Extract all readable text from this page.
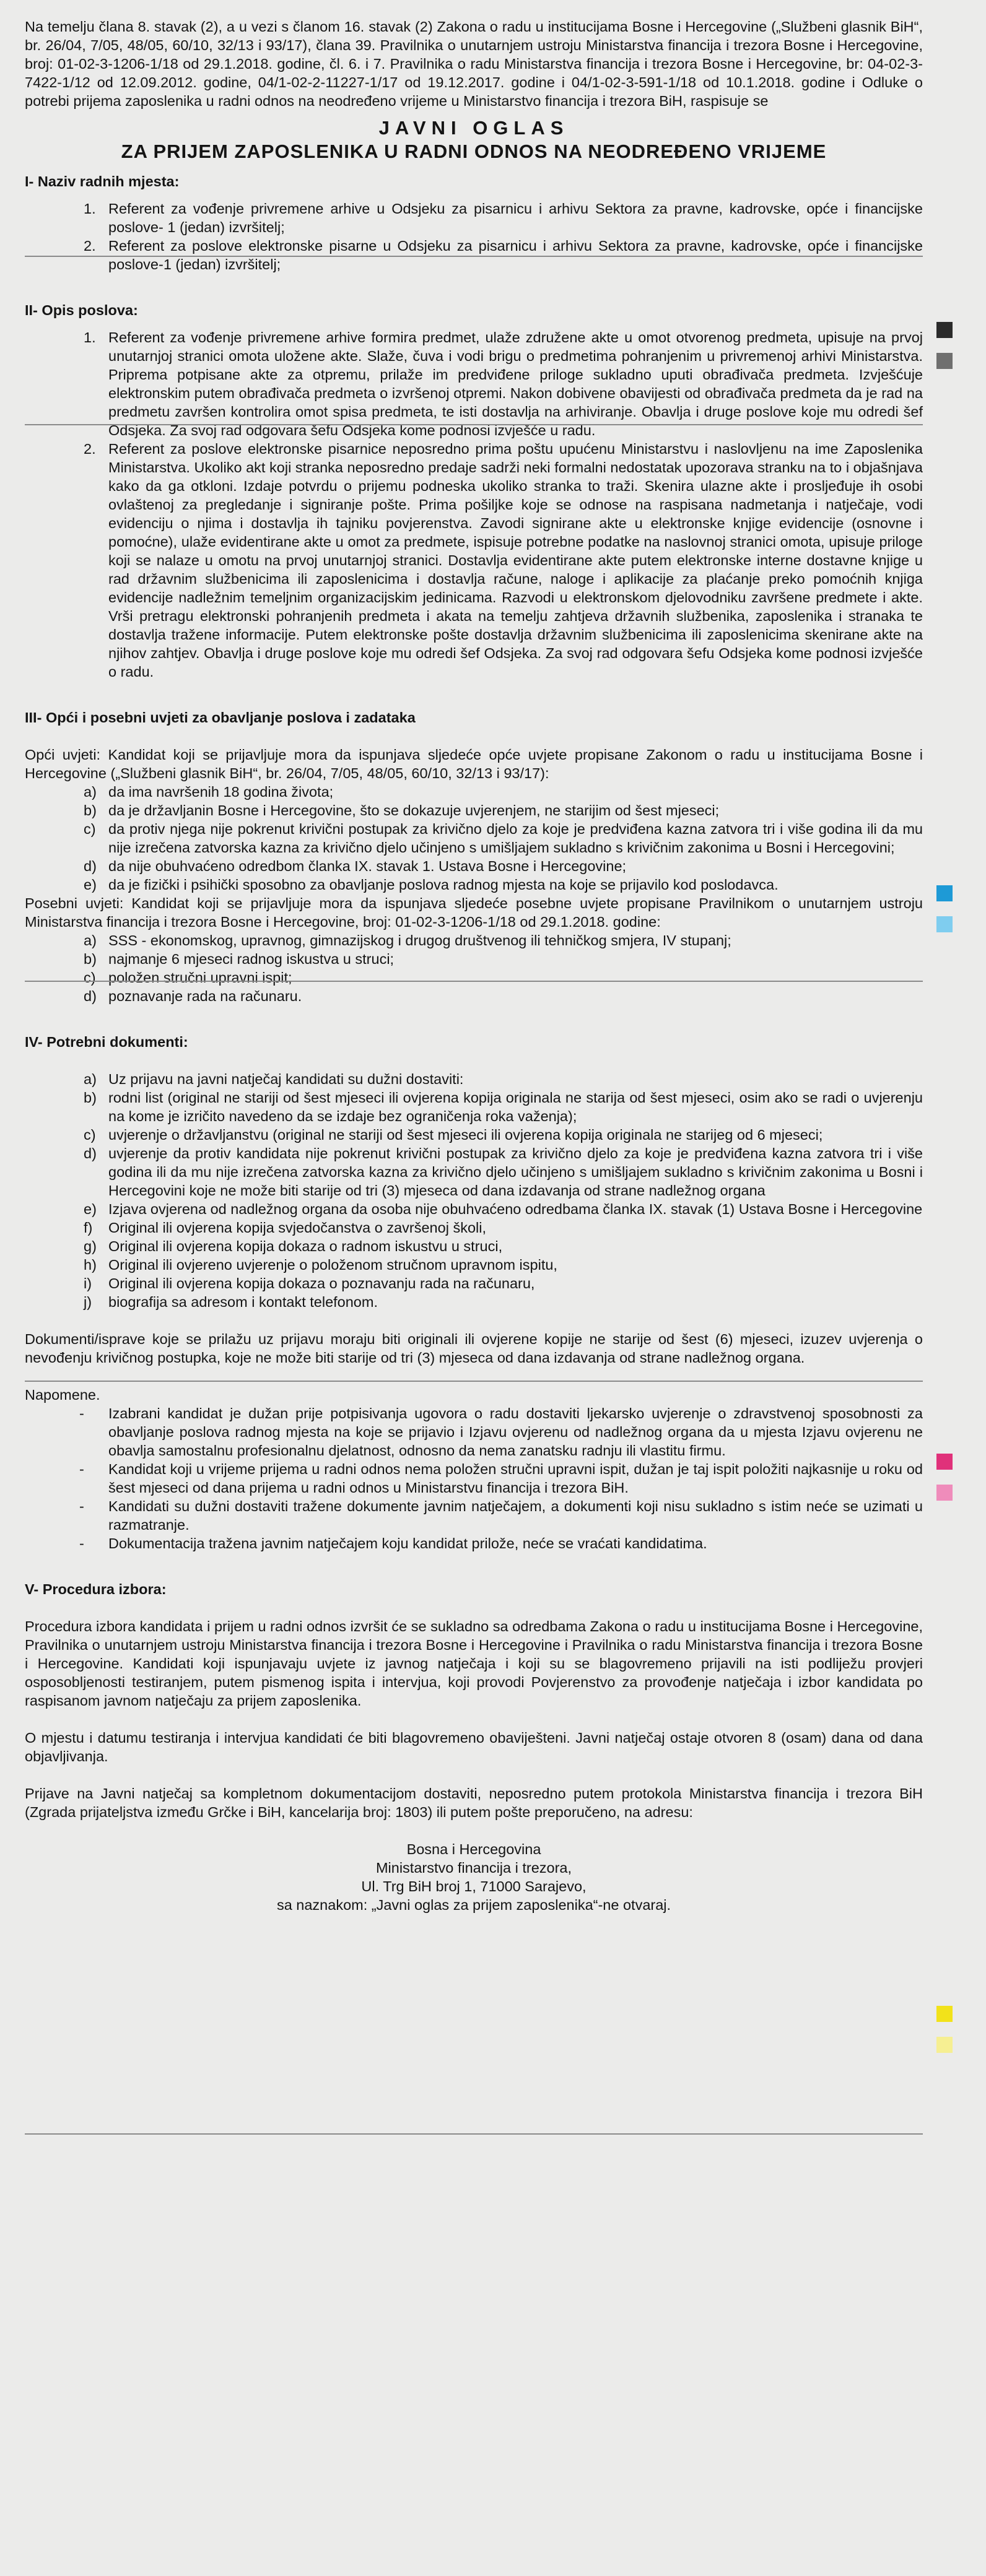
Na temelju člana 8. stavak (2), a u vezi s članom 16. stavak (2) Zakona o radu u institucijama Bosne i Hercegovine („Službeni glasnik BiH“, br. 26/04, 7/05, 48/05, 60/10, 32/13 i 93/17), člana 39. Pravilnika o unutarnjem ustroju Ministarstva financija i trezora Bosne i Hercegovine, broj: 01-02-3-1206-1/18 od 29.1.2018. godine, čl. 6. i 7. Pravilnika o radu Ministarstva financija i trezora Bosne i Hercegovine, br: 04-02-3-7422-1/12 od 12.09.2012. godine, 04/1-02-2-11227-1/17 od 19.12.2017. godine i 04/1-02-3-591-1/18 od 10.1.2018. godine i Odluke o potrebi prijema zaposlenika u radni odnos na neodređeno vrijeme u Ministarstvo financija i trezora BiH, raspisuje se

JAVNI OGLAS
ZA PRIJEM ZAPOSLENIKA U RADNI ODNOS NA NEODREĐENO VRIJEME

I- Naziv radnih mjesta:

1. Referent za vođenje privremene arhive u Odsjeku za pisarnicu i arhivu Sektora za pravne, kadrovske, opće i financijske poslove- 1 (jedan) izvršitelj;
2. Referent za poslove elektronske pisarne u Odsjeku za pisarnicu i arhivu Sektora za pravne, kadrovske, opće i financijske poslove-1 (jedan) izvršitelj;

II- Opis poslova:

1. Referent za vođenje privremene arhive formira predmet, ulaže združene akte u omot otvorenog predmeta, upisuje na prvoj unutarnjoj stranici omota uložene akte. Slaže, čuva i vodi brigu o predmetima pohranjenim u privremenoj arhivi Ministarstva. Pripremа potpisane akte za otpremu, prilaže im predviđene priloge sukladno uputi obrađivača predmeta. Izvješćuje elektronskim putem obrađivača predmeta o izvršenoj otpremi. Nakon dobivene obavijesti od obrađivača predmeta da je rad na predmetu završen kontrolira omot spisa predmeta, te isti dostavlja na arhiviranje. Obavlja i druge poslove koje mu odredi šef Odsjeka. Za svoj rad odgovara šefu Odsjeka kome podnosi izvješće u radu.
2. Referent za poslove elektronske pisarnice neposredno prima poštu upućenu Ministarstvu i naslovljenu na ime Zaposlenika Ministarstva. Ukoliko akt koji stranka neposredno predaje sadrži neki formalni nedostatak upozorava stranku na to i objašnjava kako da ga otkloni. Izdaje potvrdu o prijemu podneska ukoliko stranka to traži. Skenira ulazne akte i prosljeđuje ih osobi ovlaštenoj za pregledanje i signiranje pošte. Prima pošiljke koje se odnose na raspisana nadmetanja i natječaje, vodi evidenciju o njima i dostavlja ih tajniku povjerenstva. Zavodi signirane akte u elektronske knjige evidencije (osnovne i pomoćne), ulaže evidentirane akte u omot za predmete, ispisuje potrebne podatke na naslovnoj stranici omota, upisuje priloge koji se nalaze u omotu na prvoj unutarnjoj stranici. Dostavlja evidentirane akte putem elektronske interne dostavne knjige u rad državnim službenicima ili zaposlenicima i dostavlja račune, naloge i aplikacije za plaćanje preko pomoćnih knjiga evidencije nadležnim temeljnim organizacijskim jedinicama. Razvodi u elektronskom djelovodniku završene predmete i akte. Vrši pretragu elektronski pohranjenih predmeta i akata na temelju zahtjeva državnih službenika, zaposlenika i stranaka te dostavlja tražene informacije. Putem elektronske pošte dostavlja državnim službenicima ili zaposlenicima skenirane akte na njihov zahtjev. Obavlja i druge poslove koje mu odredi šef Odsjeka. Za svoj rad odgovara šefu Odsjeka kome podnosi izvješće o radu.

III- Opći i posebni uvjeti za obavljanje poslova i zadataka

Opći uvjeti: Kandidat koji se prijavljuje mora da ispunjava sljedeće opće uvjete propisane Zakonom o radu u institucijama Bosne i Hercegovine („Službeni glasnik BiH“, br. 26/04, 7/05, 48/05, 60/10, 32/13 i 93/17):

a) da ima navršenih 18 godina života;
b) da je državljanin Bosne i Hercegovine, što se dokazuje uvjerenjem, ne starijim od šest mjeseci;
c) da protiv njega nije pokrenut krivični postupak za krivično djelo za koje je predviđena kazna zatvora tri i više godina ili da mu nije izrečena zatvorska kazna za krivično djelo učinjeno s umišljajem sukladno s krivičnim zakonima u Bosni i Hercegovini;
d) da nije obuhvaćeno odredbom članka IX. stavak 1. Ustava Bosne i Hercegovine;
e) da je fizički i psihički sposobno za obavljanje poslova radnog mjesta na koje se prijavilo kod poslodavca.

Posebni uvjeti: Kandidat koji se prijavljuje mora da ispunjava sljedeće posebne uvjete propisane Pravilnikom o unutarnjem ustroju Ministarstva financija i trezora Bosne i Hercegovine, broj: 01-02-3-1206-1/18 od 29.1.2018. godine:

a) SSS - ekonomskog, upravnog, gimnazijskog i drugog društvenog ili tehničkog smjera, IV stupanj;
b) najmanje 6 mjeseci radnog iskustva u struci;
c) položen stručni upravni ispit;
d) poznavanje rada na računaru.

IV- Potrebni dokumenti:

a) Uz prijavu na javni natječaj kandidati su dužni dostaviti:
b) rodni list (original ne stariji od šest mjeseci ili ovjerena kopija originala ne starija od šest mjeseci, osim ako se radi o uvjerenju na kome je izričito navedeno da se izdaje bez ograničenja roka važenja);
c) uvjerenje o državljanstvu (original ne stariji od šest mjeseci ili ovjerena kopija originala ne starijeg od 6 mjeseci;
d) uvjerenje da protiv kandidata nije pokrenut krivični postupak za krivično djelo za koje je predviđena kazna zatvora tri i više godina ili da mu nije izrečena zatvorska kazna za krivično djelo učinjeno s umišljajem sukladno s krivičnim zakonima u Bosni i Hercegovini koje ne može biti starije od tri (3) mjeseca od dana izdavanja od strane nadležnog organa
e) Izjava ovjerena od nadležnog organa da osoba nije obuhvaćeno odredbama članka IX. stavak (1) Ustava Bosne i Hercegovine
f)	Original ili ovjerena kopija svjedočanstva o završenoj školi,
g) Original ili ovjerena kopija dokaza o radnom iskustvu u struci,
h) Original ili ovjereno uvjerenje o položenom stručnom upravnom ispitu,
i)	Original ili ovjerena kopija dokaza o poznavanju rada na računaru,
j)	biografija sa adresom i kontakt telefonom.

Dokumenti/isprave koje se prilažu uz prijavu moraju biti originali ili ovjerene kopije ne starije od šest (6) mjeseci, izuzev uvjerenja o nevođenju krivičnog postupka, koje ne može biti starije od tri (3) mjeseca od dana izdavanja od strane nadležnog organa.

Napomene.

-	Izabrani kandidat je dužan prije potpisivanja ugovora o radu dostaviti ljekarsko uvjerenje o zdravstvenoj sposobnosti za obavljanje poslova radnog mjesta na koje se prijavio i Izjavu ovjerenu od nadležnog organa da u mjesta Izjavu ovjerenu ne obavlja samostalnu profesionalnu djelatnost, odnosno da nema zanatsku radnju ili vlastitu firmu.
-	Kandidat koji u vrijeme prijema u radni odnos nema položen stručni upravni ispit, dužan je taj ispit položiti najkasnije u roku od šest mjeseci od dana prijema u radni odnos u Ministarstvu financija i trezora BiH.
-	Kandidati su dužni dostaviti tražene dokumente javnim natječajem, a dokumenti koji nisu sukladno s istim neće se uzimati u razmatranje.
-	Dokumentacija tražena javnim natječajem koju kandidat prilože, neće se vraćati kandidatima.

V- Procedura izbora:

Procedura izbora kandidata i prijem u radni odnos izvršit će se sukladno sa odredbama Zakona o radu u institucijama Bosne i Hercegovine, Pravilnika o unutarnjem ustroju Ministarstva financija i trezora Bosne i Hercegovine i Pravilnika o radu Ministarstva financija i trezora Bosne i Hercegovine. Kandidati koji ispunjavaju uvjete iz javnog natječaja i koji su se blagovremeno prijavili na isti podliježu provjeri osposobljenosti testiranjem, putem pismenog ispita i intervjua, koji provodi Povjerenstvo za provođenje natječaja i izbor kandidata po raspisanom javnom natječaju za prijem zaposlenika.

O mjestu i datumu testiranja i intervjua kandidati će biti blagovremeno obaviješteni. Javni natječaj ostaje otvoren 8 (osam) dana od dana objavljivanja.

Prijave na Javni natječaj sa kompletnom dokumentacijom dostaviti, neposredno putem protokola Ministarstva financija i trezora BiH (Zgrada prijateljstva između Grčke i BiH, kancelarija broj: 1803) ili putem pošte preporučeno, na adresu:

Bosna i Hercegovina
Ministarstvo financija i trezora,
Ul. Trg BiH broj 1, 71000 Sarajevo,
sa naznakom: „Javni oglas za prijem zaposlenika“-ne otvaraj.
